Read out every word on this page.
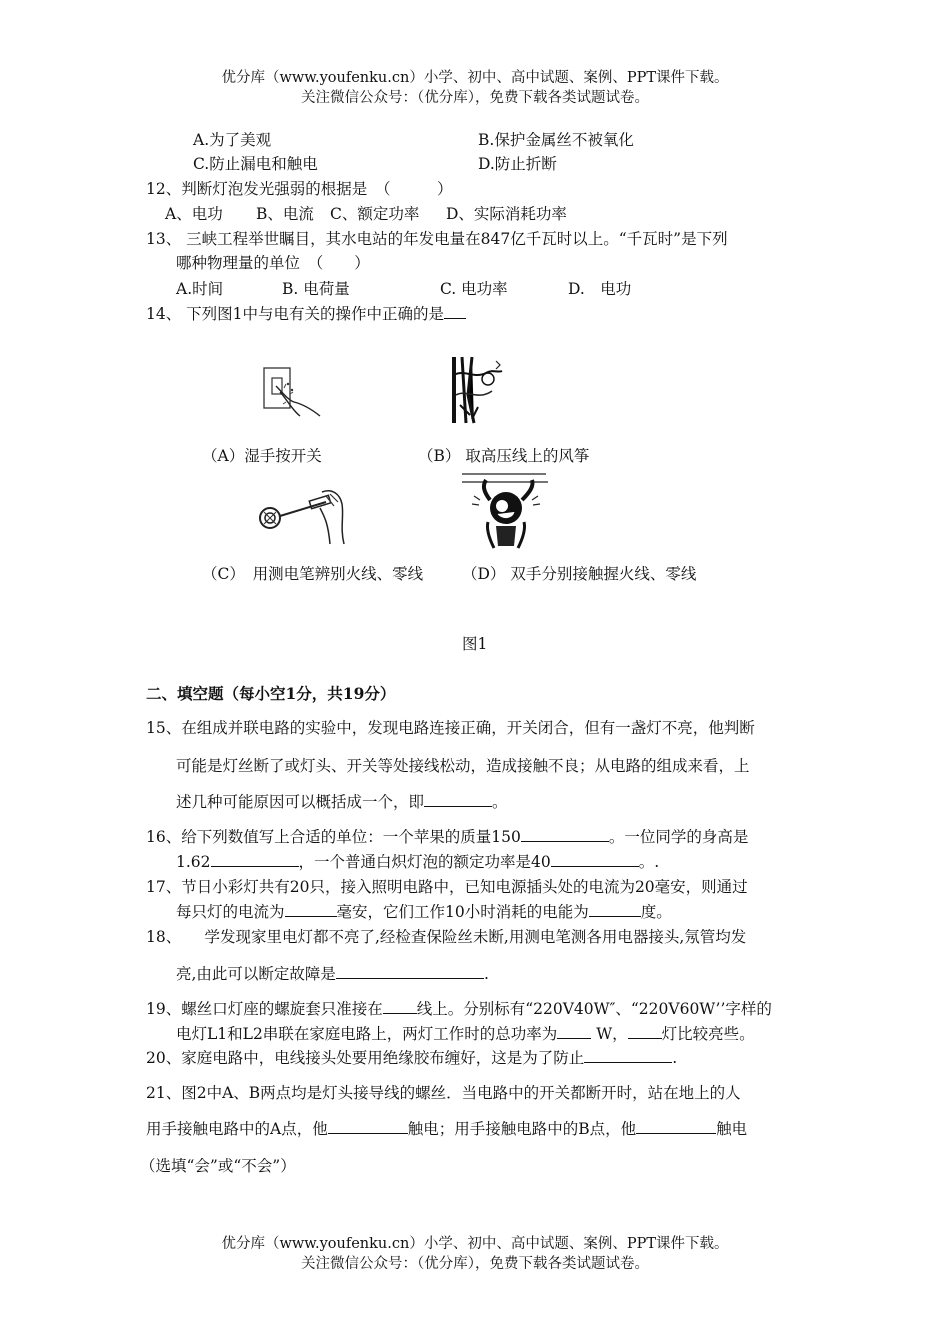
优分库（www.youfenku.cn）小学、初中、高中试题、案例、PPT课件下载。
关注微信公众号：（优分库），免费下载各类试题试卷。
A.为了美观	B.保护金属丝不被氧化
C.防止漏电和触电	D.防止折断
12、判断灯泡发光强弱的根据是　（　　　）
A、电功 B、电流 C、额定功率 D、实际消耗功率
13、 三峡工程举世瞩目，其水电站的年发电量在847亿千瓦时以上。“千瓦时”是下列
哪种物理量的单位　（　　）
A.时间	B. 电荷量	C. 电功率	D.　电功
14、 下列图1中与电有关的操作中正确的是
（A）湿手按开关	（B） 取高压线上的风筝
（C）　用测电笔辨别火线、零线	（D） 双手分别接触握火线、零线
图1
二、填空题（每小空1分，共19分）
15、在组成并联电路的实验中，发现电路连接正确，开关闭合，但有一盏灯不亮，他判断
可能是灯丝断了或灯头、开关等处接线松动，造成接触不良；从电路的组成来看，上
述几种可能原因可以概括成一个，即	。
16、给下列数值写上合适的单位：一个苹果的质量150	。一位同学的身高是
1.62	，一个普通白炽灯泡的额定功率是40	。.
17、节日小彩灯共有20只，接入照明电路中，已知电源插头处的电流为20毫安，则通过
每只灯的电流为	毫安，它们工作10小时消耗的电能为	度。
18、　　学发现家里电灯都不亮了,经检查保险丝未断,用测电笔测各用电器接头,氖管均发
亮,由此可以断定故障是	.
19、螺丝口灯座的螺旋套只准接在 线上。分别标有“220V40W″、“220V60W’’字样的
电灯L1和L2串联在家庭电路上，两灯工作时的总功率为 W， 灯比较亮些。
20、家庭电路中，电线接头处要用绝缘胶布缠好，这是为了防止	.
21、图2中A、B两点均是灯头接导线的螺丝．当电路中的开关都断开时，站在地上的人
用手接触电路中的A点，他	触电；用手接触电路中的B点，他	触电
（选填“会”或“不会”）
优分库（www.youfenku.cn）小学、初中、高中试题、案例、PPT课件下载。
关注微信公众号：（优分库），免费下载各类试题试卷。
